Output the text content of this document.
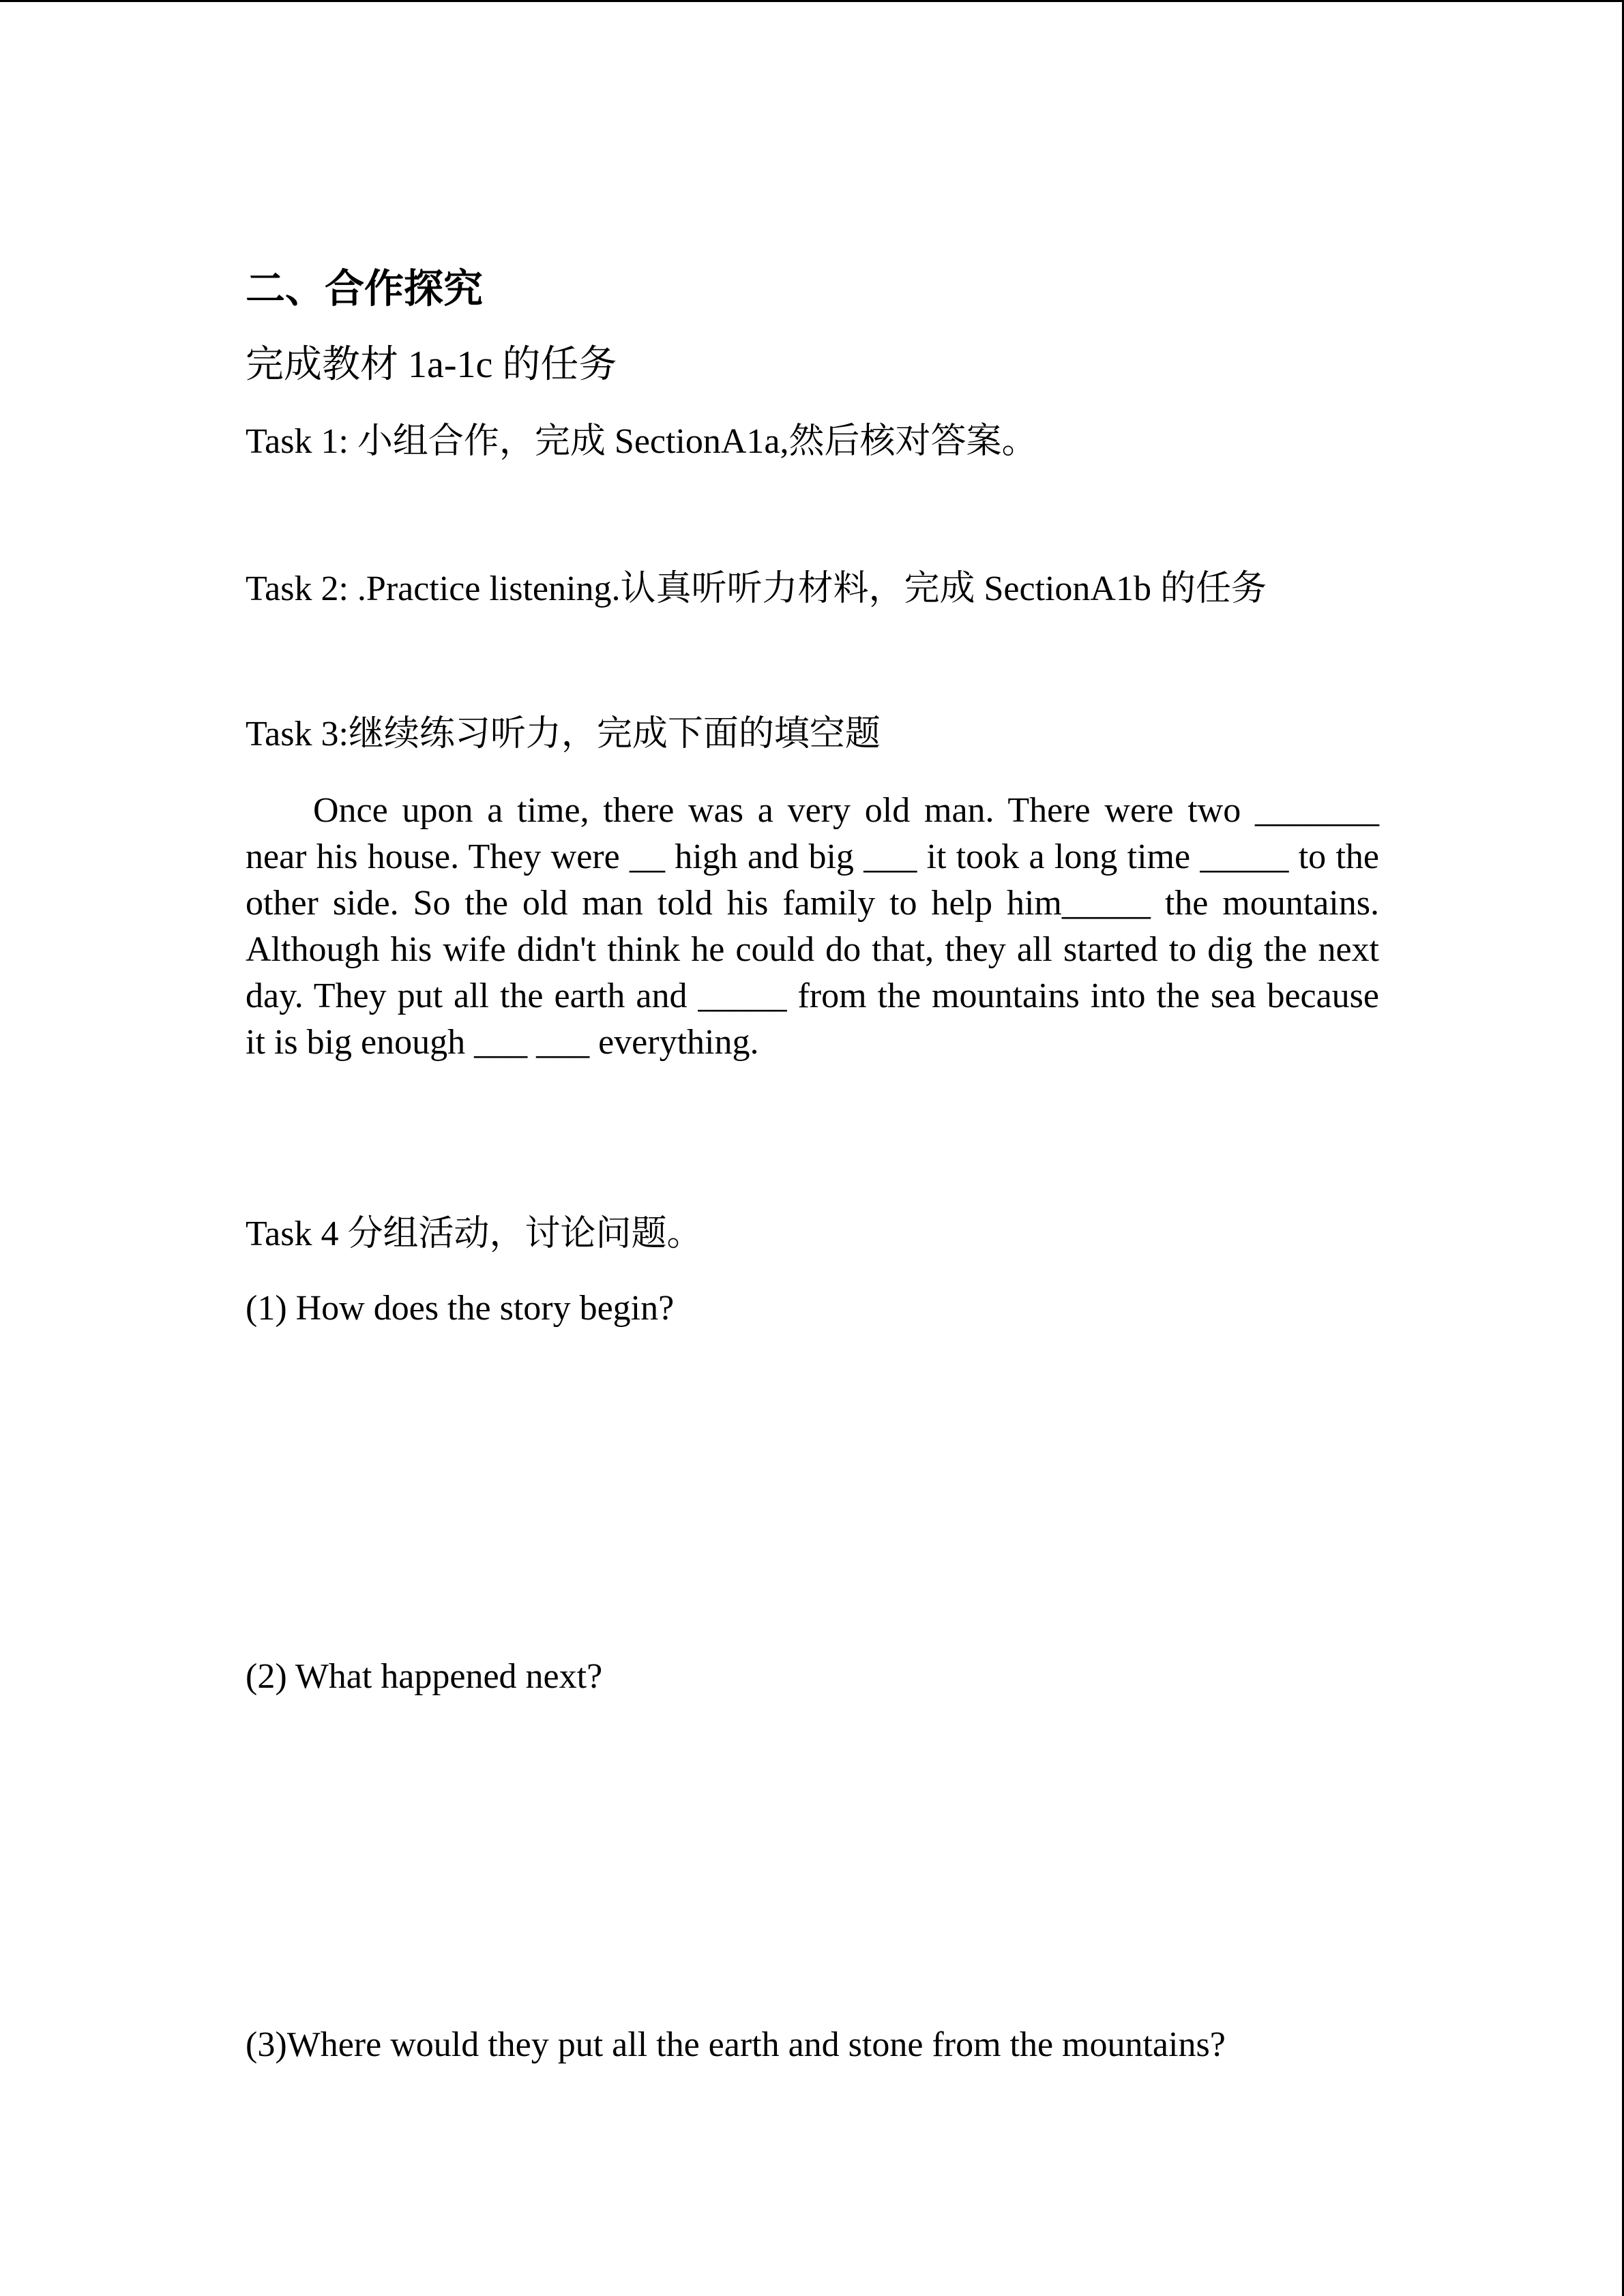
二、合作探究
完成教材 1a-1c 的任务
Task 1: 小组合作，完成 SectionA1a,然后核对答案。
Task 2: .Practice listening.认真听听力材料，完成 SectionA1b 的任务
Task 3:继续练习听力，完成下面的填空题
Once upon a time, there was a very old man. There were two _______ near his house. They were __ high and big ___ it took a long time _____ to the other side. So the old man told his family to help him_____ the mountains. Although his wife didn't think he could do that, they all started to dig the next day. They put all the earth and _____ from the mountains into the sea because it is big enough ___ ___ everything.
Task 4 分组活动，讨论问题。
(1) How does the story begin?
(2) What happened next?
(3)Where would they put all the earth and stone from the mountains?
